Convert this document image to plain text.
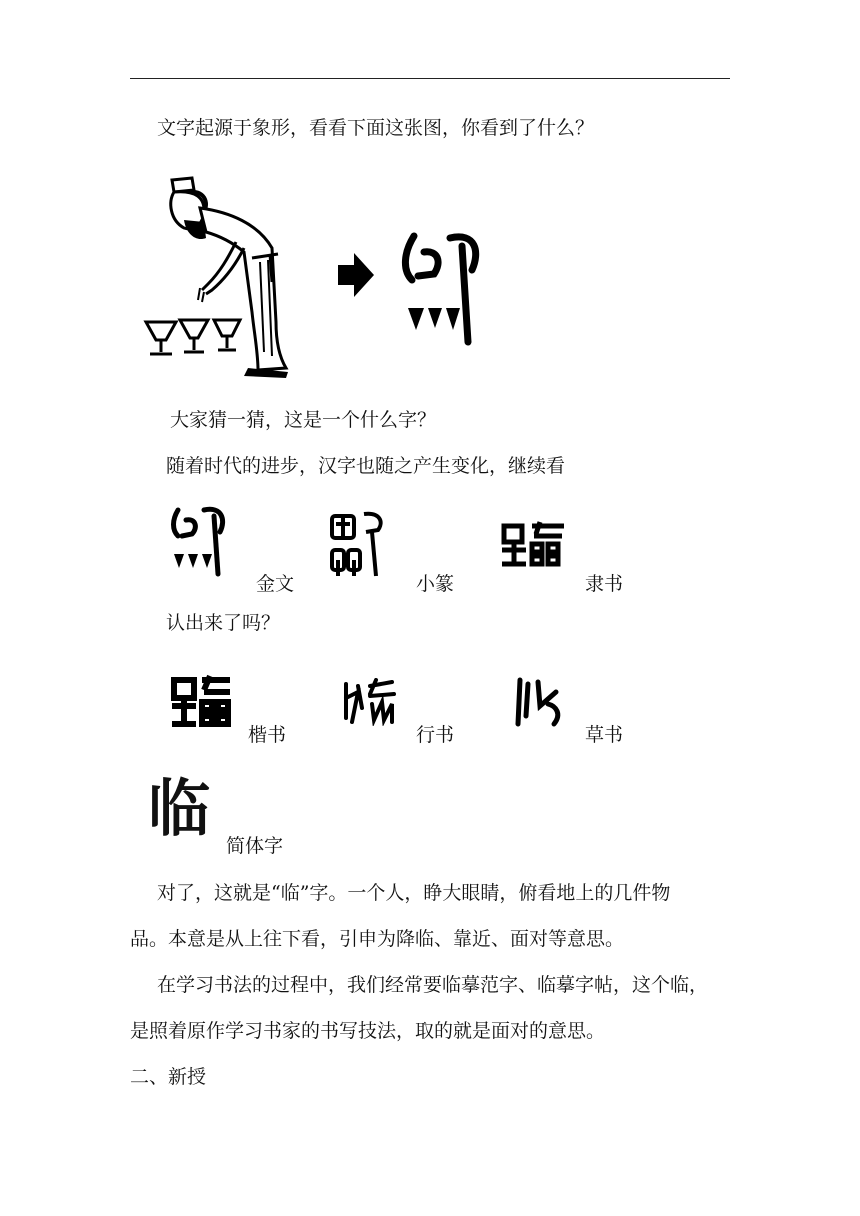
文字起源于象形，看看下面这张图，你看到了什么？
大家猜一猜，这是一个什么字？
随着时代的进步，汉字也随之产生变化，继续看
金文	小篆	隶书
认出来了吗？
楷书	行书	草书
临
简体字
对了，这就是“临”字。一个人，睁大眼睛，俯看地上的几件物
品。本意是从上往下看，引申为降临、靠近、面对等意思。
在学习书法的过程中，我们经常要临摹范字、临摹字帖，这个临，
是照着原作学习书家的书写技法，取的就是面对的意思。
二、新授
